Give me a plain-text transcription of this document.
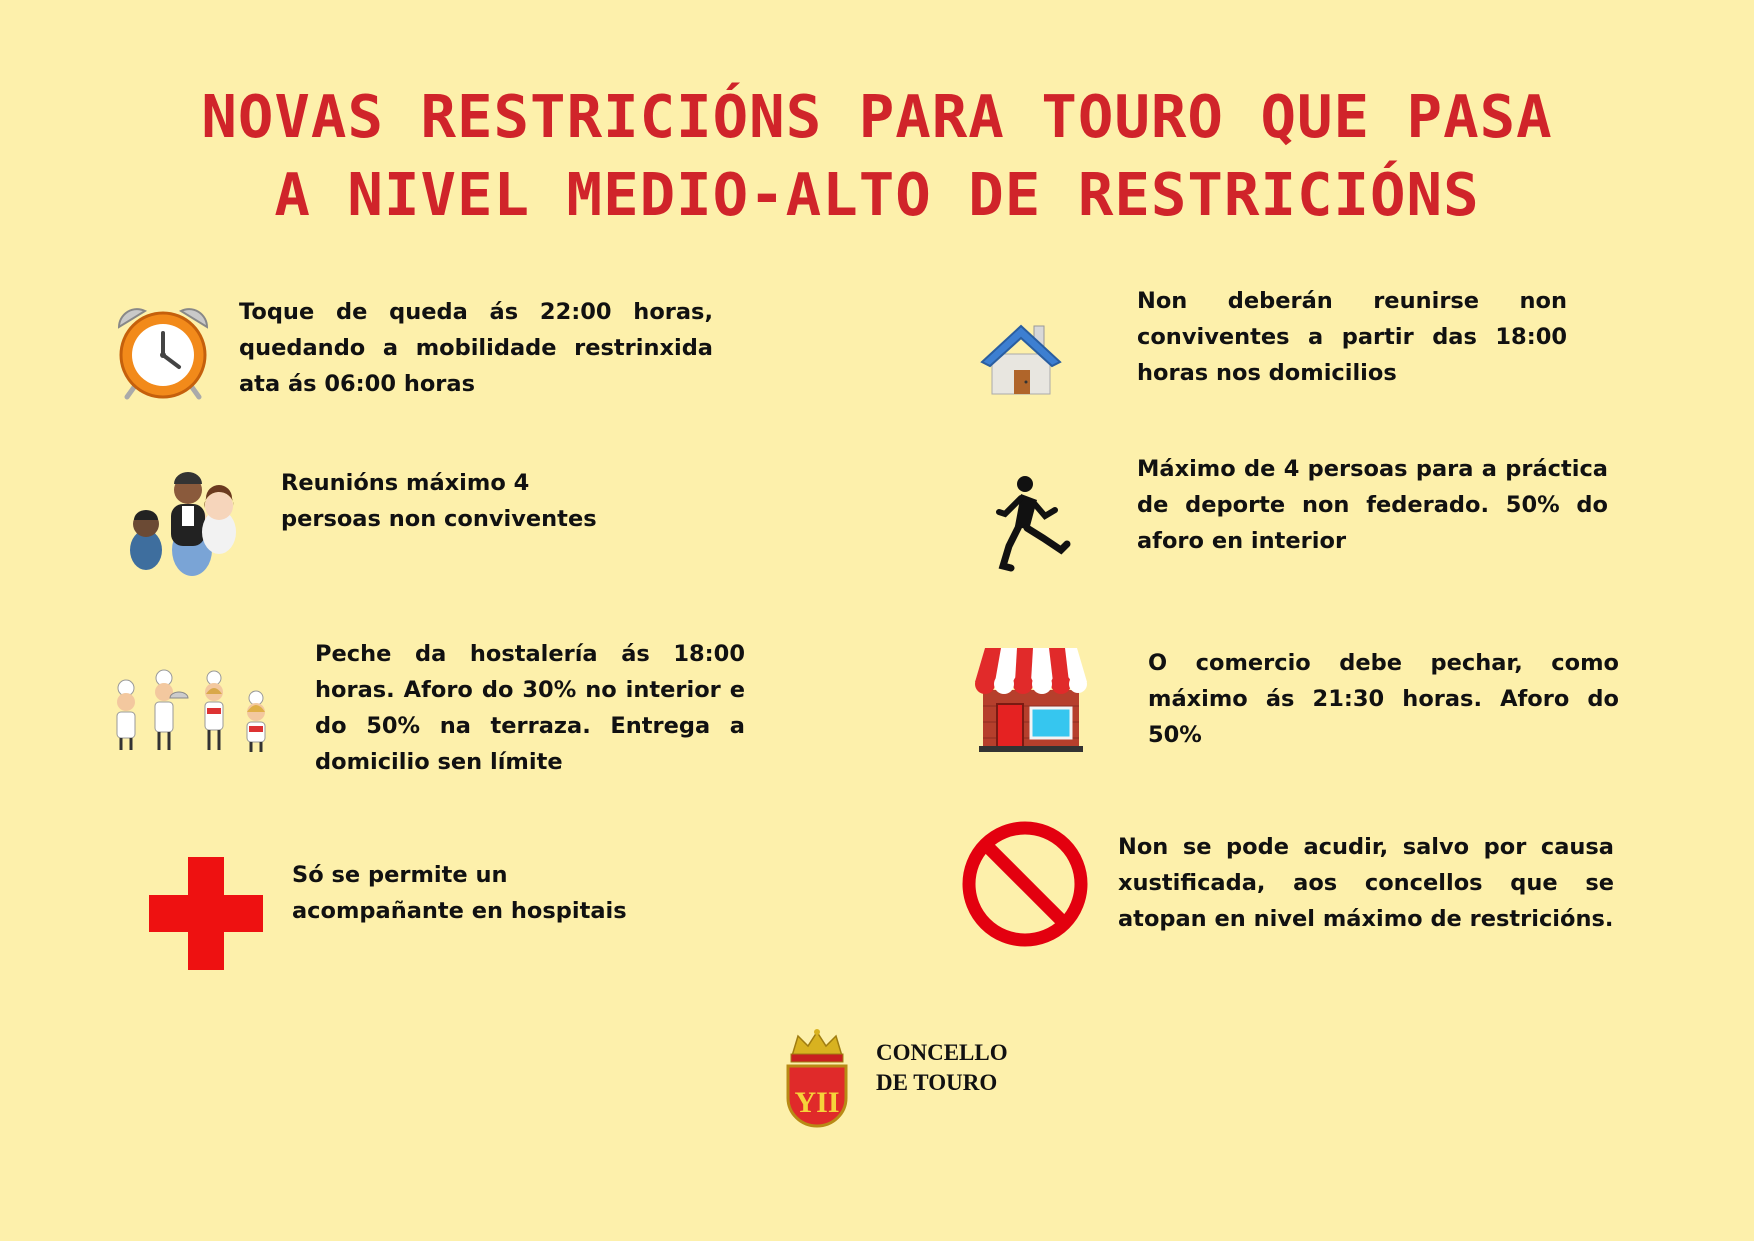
NOVAS RESTRICIÓNS PARA TOURO QUE PASA
A NIVEL MEDIO-ALTO DE RESTRICIÓNS
Toque de queda ás 22:00 horas, quedando a mobilidade restrinxida ata ás 06:00 horas
Non deberán reunirse non conviventes a partir das 18:00 horas nos domicilios
Reunións máximo 4 persoas non conviventes
Máximo de 4 persoas para a práctica de deporte non federado. 50% do aforo en interior
Peche da hostalería ás 18:00 horas. Aforo do 30% no interior e do 50% na terraza. Entrega a domicilio sen límite
O comercio debe pechar, como máximo ás 21:30 horas. Aforo do 50%
Só se permite un acompañante en hospitais
Non se pode acudir, salvo por causa xustificada, aos concellos que se atopan en nivel máximo de restricións.
YII
CONCELLO
DE TOURO
